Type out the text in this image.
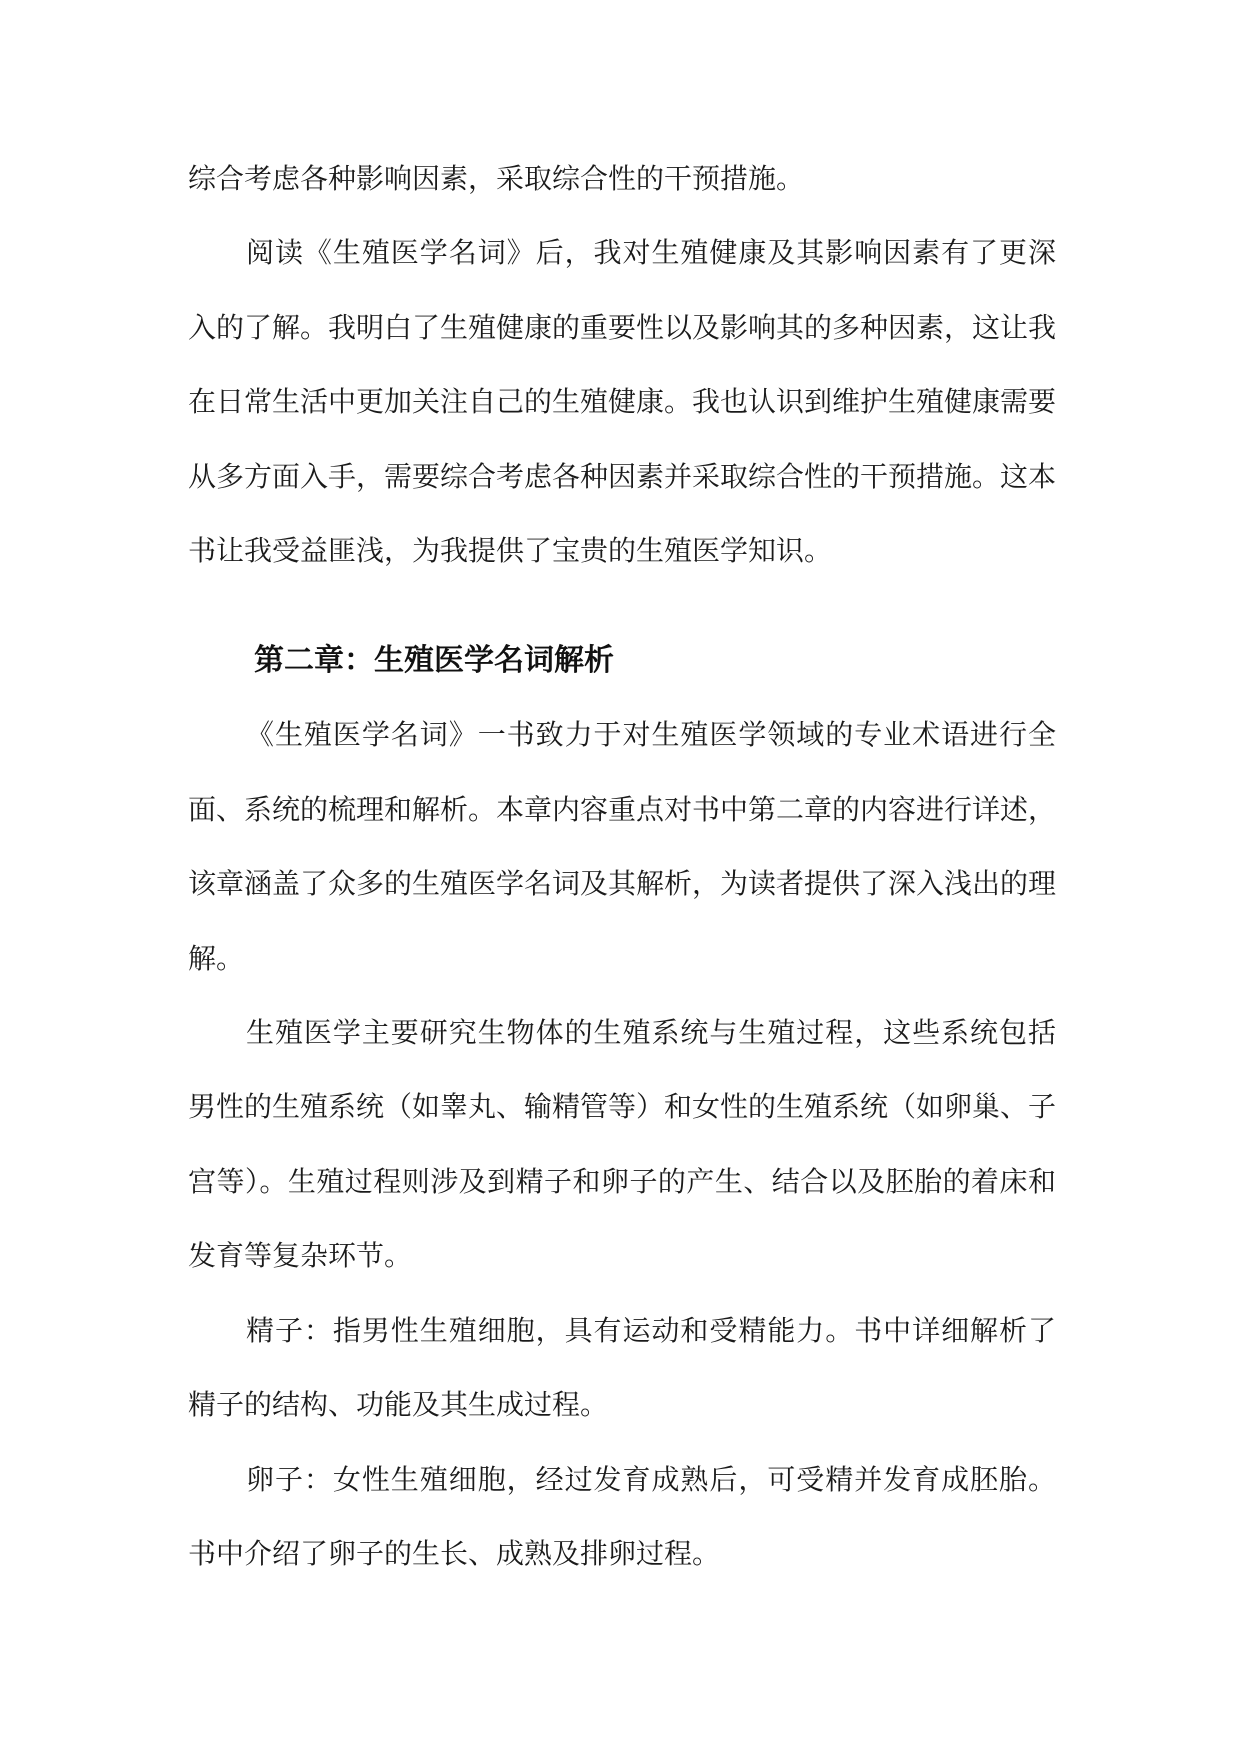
综合考虑各种影响因素，采取综合性的干预措施。

阅读《生殖医学名词》后，我对生殖健康及其影响因素有了更深入的了解。我明白了生殖健康的重要性以及影响其的多种因素，这让我在日常生活中更加关注自己的生殖健康。我也认识到维护生殖健康需要从多方面入手，需要综合考虑各种因素并采取综合性的干预措施。这本书让我受益匪浅，为我提供了宝贵的生殖医学知识。

第二章：生殖医学名词解析

《生殖医学名词》一书致力于对生殖医学领域的专业术语进行全面、系统的梳理和解析。本章内容重点对书中第二章的内容进行详述，该章涵盖了众多的生殖医学名词及其解析，为读者提供了深入浅出的理解。

生殖医学主要研究生物体的生殖系统与生殖过程，这些系统包括男性的生殖系统（如睾丸、输精管等）和女性的生殖系统（如卵巢、子宫等）。生殖过程则涉及到精子和卵子的产生、结合以及胚胎的着床和发育等复杂环节。

精子：指男性生殖细胞，具有运动和受精能力。书中详细解析了精子的结构、功能及其生成过程。

卵子：女性生殖细胞，经过发育成熟后，可受精并发育成胚胎。书中介绍了卵子的生长、成熟及排卵过程。
